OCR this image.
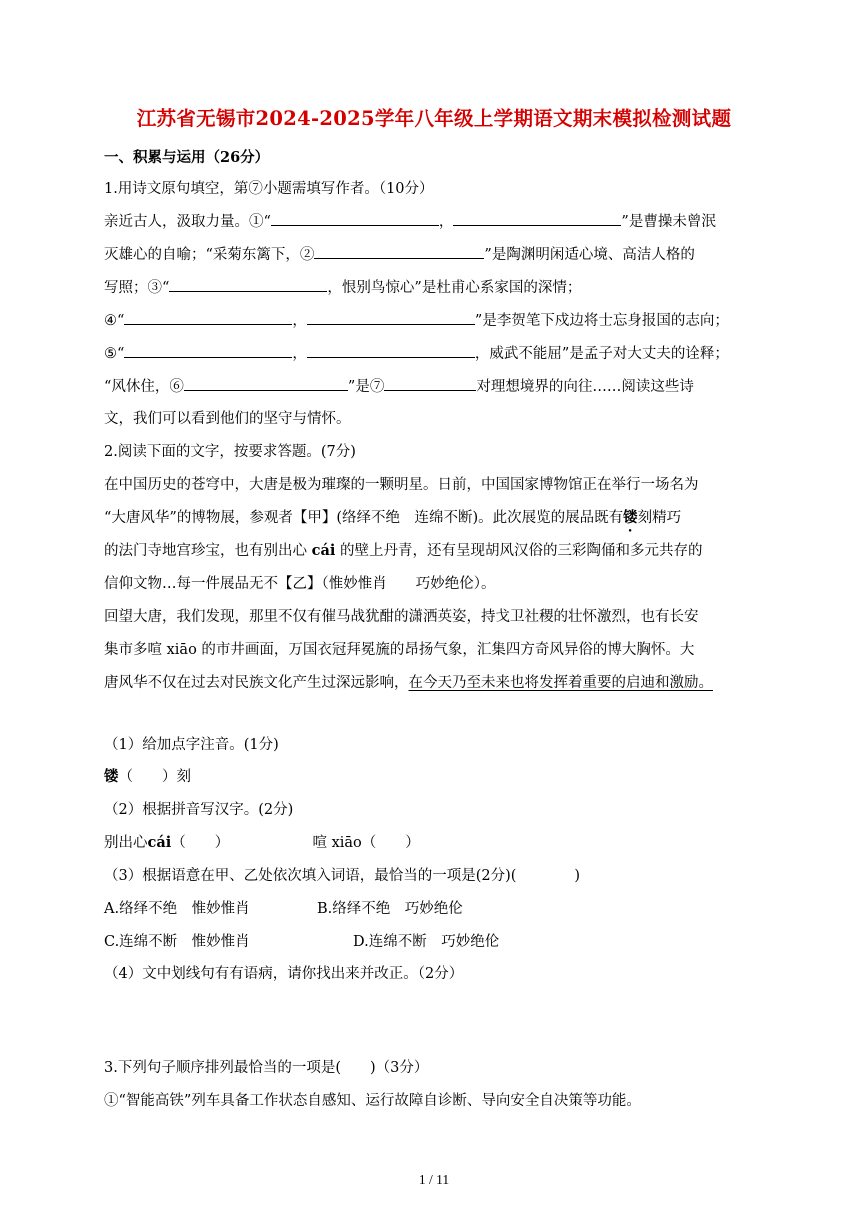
江苏省无锡市2024-2025学年八年级上学期语文期末模拟检测试题
一、积累与运用（26分）
1.用诗文原句填空，第⑦小题需填写作者。（10分）
亲近古人，汲取力量。①“	，	”是曹操未曾泯
灭雄心的自喻；“采菊东篱下，②	”是陶渊明闲适心境、高洁人格的
写照；③“	，恨别鸟惊心”是杜甫心系家国的深情；
④“	，	”是李贺笔下戍边将士忘身报国的志向；
⑤“	，	，威武不能屈”是孟子对大丈夫的诠释；
“风休住，⑥	”是⑦	对理想境界的向往……阅读这些诗
文，我们可以看到他们的坚守与情怀。
2.阅读下面的文字，按要求答题。(7分)
在中国历史的苍穹中，大唐是极为璀璨的一颗明星。日前，中国国家博物馆正在举行一场名为
“大唐风华”的博物展，参观者【甲】(络绎不绝　连绵不断)。此次展览的展品既有镂刻精巧
的法门寺地宫珍宝，也有别出心 cái 的壁上丹青，还有呈现胡风汉俗的三彩陶俑和多元共存的
信仰文物…每一件展品无不【乙】（惟妙惟肖　　巧妙绝伦）。
回望大唐，我们发现，那里不仅有催马战犹酣的潇洒英姿，持戈卫社稷的壮怀激烈，也有长安
集市多喧 xiāo 的市井画面，万国衣冠拜冕旒的昂扬气象，汇集四方奇风异俗的博大胸怀。大
唐风华不仅在过去对民族文化产生过深远影响，在今天乃至未来也将发挥着重要的启迪和激励。
（1）给加点字注音。(1分)
镂（　　）刻
（2）根据拼音写汉字。(2分)
别出心cái（　　）	喧 xiāo（　　）
（3）根据语意在甲、乙处依次填入词语，最恰当的一项是(2分)(　　　　)
A.络绎不绝　惟妙惟肖	B.络绎不绝　巧妙绝伦
C.连绵不断　惟妙惟肖	D.连绵不断　巧妙绝伦
（4）文中划线句有有语病，请你找出来并改正。（2分）
3.下列句子顺序排列最恰当的一项是(　　)（3分）
①“智能高铁”列车具备工作状态自感知、运行故障自诊断、导向安全自决策等功能。
1 / 11
